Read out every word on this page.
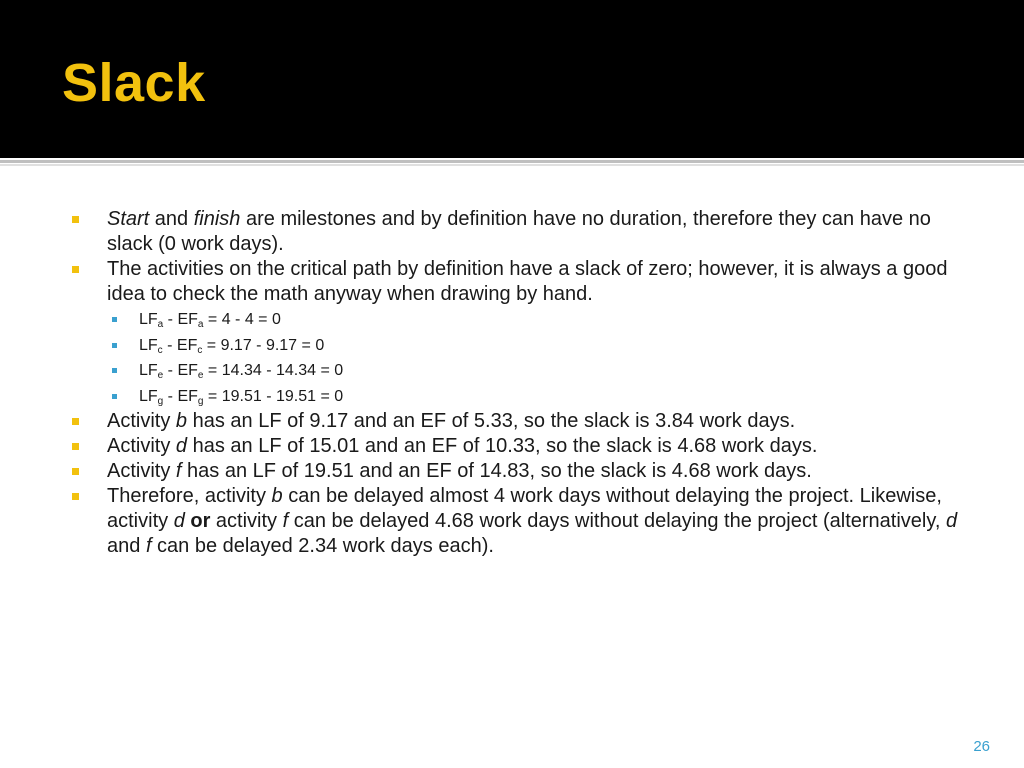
Slack
Start and finish are milestones and by definition have no duration, therefore they can have no slack (0 work days).
The activities on the critical path by definition have a slack of zero; however, it is always a good idea to check the math anyway when drawing by hand.
$LF_a - EF_a = 4 - 4 = 0$
$LF_c - EF_c = 9.17 - 9.17 = 0$
$LF_e - EF_e = 14.34 - 14.34 = 0$
$LF_g - EF_g = 19.51 - 19.51 = 0$
Activity b has an LF of 9.17 and an EF of 5.33, so the slack is 3.84 work days.
Activity d has an LF of 15.01 and an EF of 10.33, so the slack is 4.68 work days.
Activity f has an LF of 19.51 and an EF of 14.83, so the slack is 4.68 work days.
Therefore, activity b can be delayed almost 4 work days without delaying the project. Likewise, activity d or activity f can be delayed 4.68 work days without delaying the project (alternatively, d and f can be delayed 2.34 work days each).
26
